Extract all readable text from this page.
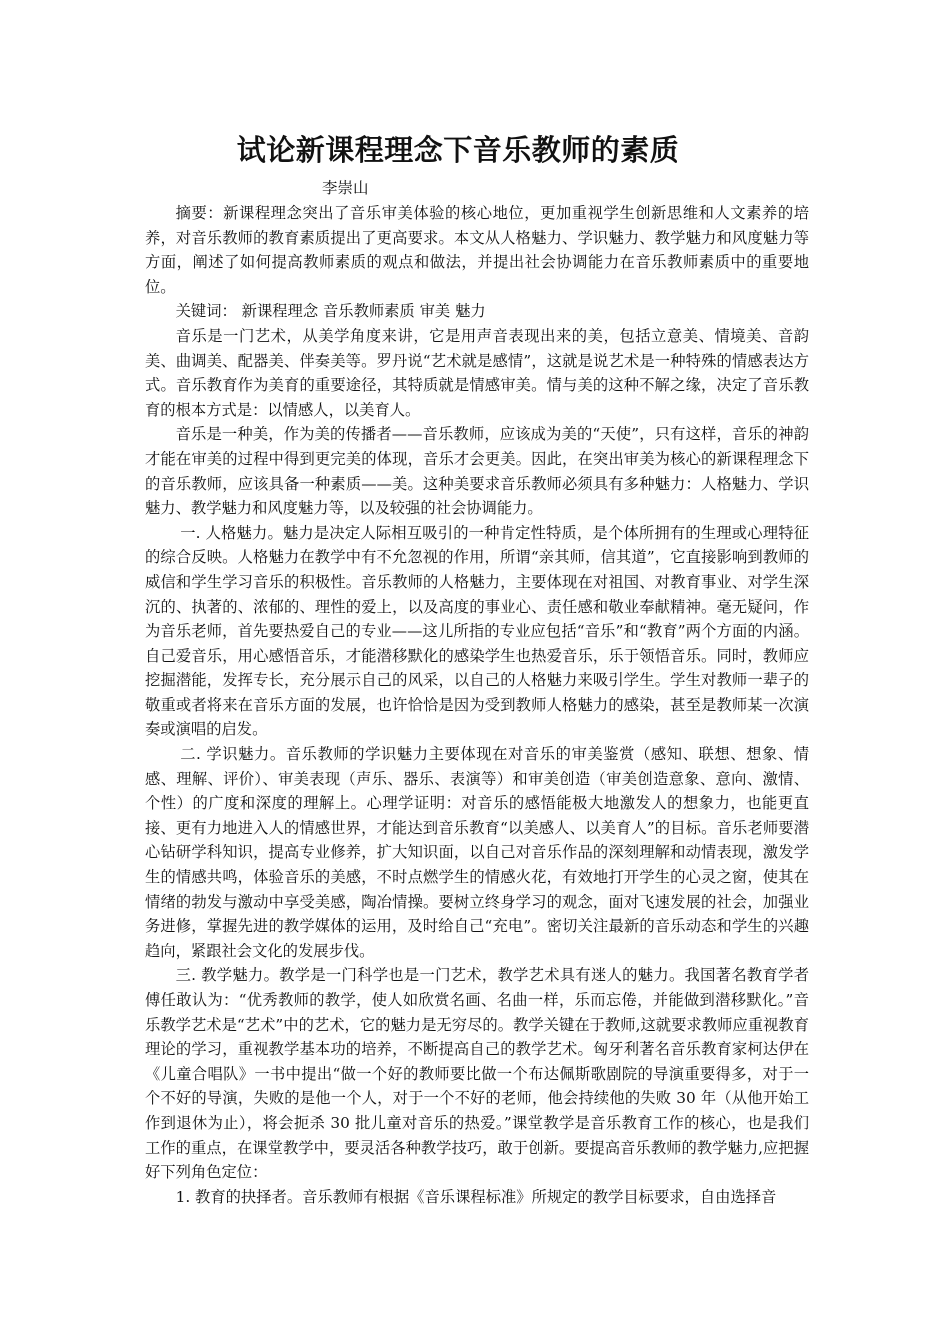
试论新课程理念下音乐教师的素质
李崇山

摘要：新课程理念突出了音乐审美体验的核心地位，更加重视学生创新思维和人文素养的培养，对音乐教师的教育素质提出了更高要求。本文从人格魅力、学识魅力、教学魅力和风度魅力等方面，阐述了如何提高教师素质的观点和做法，并提出社会协调能力在音乐教师素质中的重要地位。

关键词： 新课程理念 音乐教师素质 审美 魅力

音乐是一门艺术，从美学角度来讲，它是用声音表现出来的美，包括立意美、情境美、音韵美、曲调美、配器美、伴奏美等。罗丹说“艺术就是感情”，这就是说艺术是一种特殊的情感表达方式。音乐教育作为美育的重要途径，其特质就是情感审美。情与美的这种不解之缘，决定了音乐教育的根本方式是：以情感人，以美育人。

音乐是一种美，作为美的传播者——音乐教师，应该成为美的“天使”，只有这样，音乐的神韵才能在审美的过程中得到更完美的体现，音乐才会更美。因此，在突出审美为核心的新课程理念下的音乐教师，应该具备一种素质——美。这种美要求音乐教师必须具有多种魅力：人格魅力、学识魅力、教学魅力和风度魅力等，以及较强的社会协调能力。

一. 人格魅力。魅力是决定人际相互吸引的一种肯定性特质，是个体所拥有的生理或心理特征的综合反映。人格魅力在教学中有不允忽视的作用，所谓“亲其师，信其道”，它直接影响到教师的威信和学生学习音乐的积极性。音乐教师的人格魅力，主要体现在对祖国、对教育事业、对学生深沉的、执著的、浓郁的、理性的爱上，以及高度的事业心、责任感和敬业奉献精神。毫无疑问，作为音乐老师，首先要热爱自己的专业——这儿所指的专业应包括“音乐”和“教育”两个方面的内涵。自己爱音乐，用心感悟音乐，才能潜移默化的感染学生也热爱音乐，乐于领悟音乐。同时，教师应挖掘潜能，发挥专长，充分展示自己的风采，以自己的人格魅力来吸引学生。学生对教师一辈子的敬重或者将来在音乐方面的发展，也许恰恰是因为受到教师人格魅力的感染，甚至是教师某一次演奏或演唱的启发。

二. 学识魅力。音乐教师的学识魅力主要体现在对音乐的审美鉴赏（感知、联想、想象、情感、理解、评价）、审美表现（声乐、器乐、表演等）和审美创造（审美创造意象、意向、激情、个性）的广度和深度的理解上。心理学证明：对音乐的感悟能极大地激发人的想象力，也能更直接、更有力地进入人的情感世界，才能达到音乐教育“以美感人、以美育人”的目标。音乐老师要潜心钻研学科知识，提高专业修养，扩大知识面，以自己对音乐作品的深刻理解和动情表现，激发学生的情感共鸣，体验音乐的美感，不时点燃学生的情感火花，有效地打开学生的心灵之窗，使其在情绪的勃发与激动中享受美感，陶冶情操。要树立终身学习的观念，面对飞速发展的社会，加强业务进修，掌握先进的教学媒体的运用，及时给自己“充电”。密切关注最新的音乐动态和学生的兴趣趋向，紧跟社会文化的发展步伐。

三. 教学魅力。教学是一门科学也是一门艺术，教学艺术具有迷人的魅力。我国著名教育学者傅任敢认为：“优秀教师的教学，使人如欣赏名画、名曲一样，乐而忘倦，并能做到潜移默化。”音乐教学艺术是“艺术”中的艺术，它的魅力是无穷尽的。教学关键在于教师,这就要求教师应重视教育理论的学习，重视教学基本功的培养，不断提高自己的教学艺术。匈牙利著名音乐教育家柯达伊在《儿童合唱队》一书中提出“做一个好的教师要比做一个布达佩斯歌剧院的导演重要得多，对于一个不好的导演，失败的是他一个人，对于一个不好的老师，他会持续他的失败 30 年（从他开始工作到退休为止），将会扼杀 30 批儿童对音乐的热爱。”课堂教学是音乐教育工作的核心，也是我们工作的重点，在课堂教学中，要灵活各种教学技巧，敢于创新。要提高音乐教师的教学魅力,应把握好下列角色定位：

1. 教育的抉择者。音乐教师有根据《音乐课程标准》所规定的教学目标要求，自由选择音
